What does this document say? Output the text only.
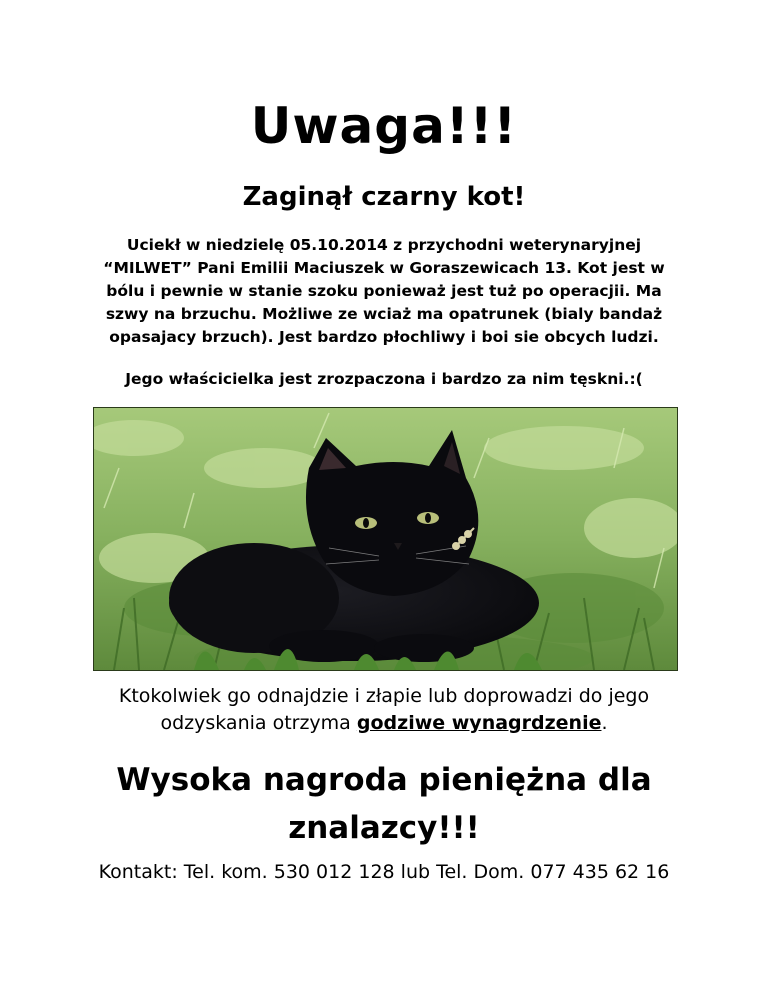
Uwaga!!!
Zaginął czarny kot!

Uciekł w niedzielę 05.10.2014 z przychodni weterynaryjnej

“MILWET” Pani Emilii Maciuszek w Goraszewicach 13. Kot jest w

bólu i pewnie w stanie szoku ponieważ jest tuż po operacjii. Ma

szwy na brzuchu. Możliwe ze wciaż ma opatrunek (bialy bandaż

opasajacy brzuch). Jest bardzo płochliwy i boi sie obcych ludzi.

Jego właścicielka jest zrozpaczona i bardzo za nim tęskni.:(
Ktokolwiek go odnajdzie i złapie lub doprowadzi do jego
odzyskania otrzyma godziwe wynagrdzenie.
Wysoka nagroda pieniężna dla
znalazcy!!!
Kontakt: Tel. kom. 530 012 128 lub Tel. Dom. 077 435 62 16
